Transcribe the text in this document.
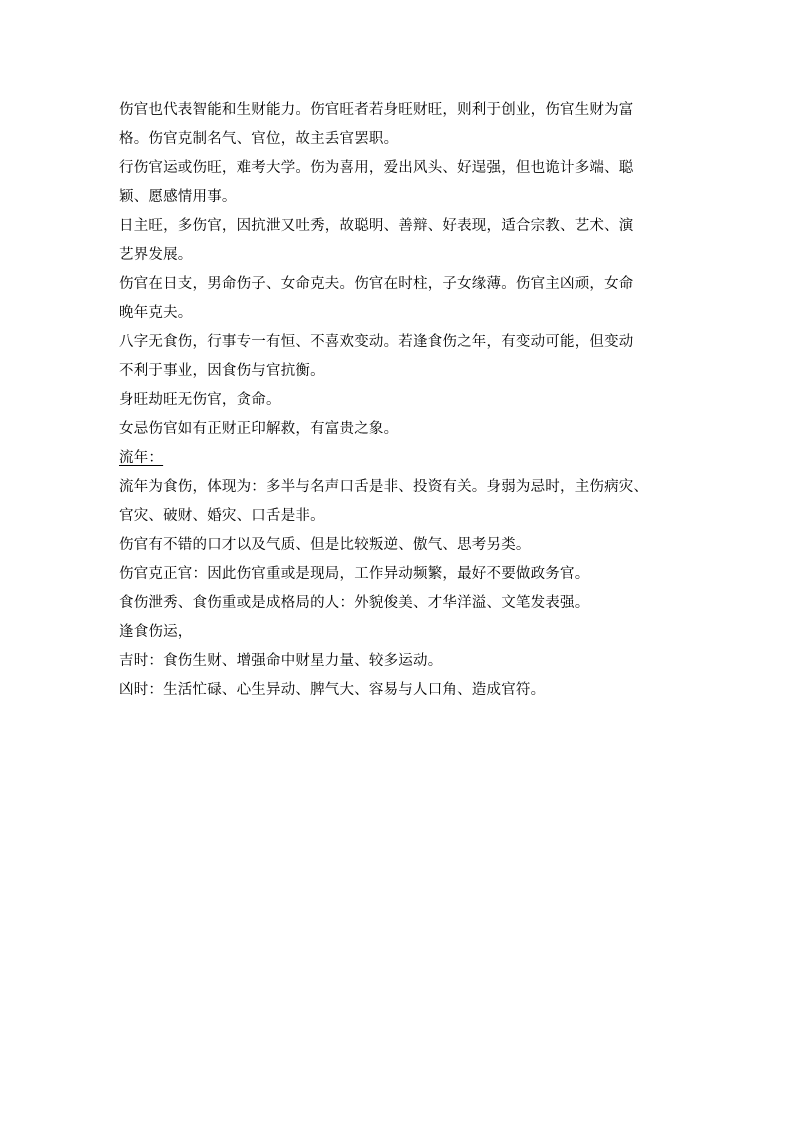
伤官也代表智能和生财能力。伤官旺者若身旺财旺，则利于创业，伤官生财为富
格。伤官克制名气、官位，故主丢官罢职。
行伤官运或伤旺，难考大学。伤为喜用，爱出风头、好逞强，但也诡计多端、聪
颖、愿感情用事。
日主旺，多伤官，因抗泄又吐秀，故聪明、善辩、好表现，适合宗教、艺术、演
艺界发展。
伤官在日支，男命伤子、女命克夫。伤官在时柱，子女缘薄。伤官主凶顽，女命
晚年克夫。
八字无食伤，行事专一有恒、不喜欢变动。若逢食伤之年，有变动可能，但变动
不利于事业，因食伤与官抗衡。
身旺劫旺无伤官，贪命。
女忌伤官如有正财正印解救，有富贵之象。
流年：
流年为食伤，体现为：多半与名声口舌是非、投资有关。身弱为忌时，主伤病灾、
官灾、破财、婚灾、口舌是非。
伤官有不错的口才以及气质、但是比较叛逆、傲气、思考另类。
伤官克正官：因此伤官重或是现局，工作异动频繁，最好不要做政务官。
食伤泄秀、食伤重或是成格局的人：外貌俊美、才华洋溢、文笔发表强。
逢食伤运，
吉时：食伤生财、增强命中财星力量、较多运动。
凶时：生活忙碌、心生异动、脾气大、容易与人口角、造成官符。
